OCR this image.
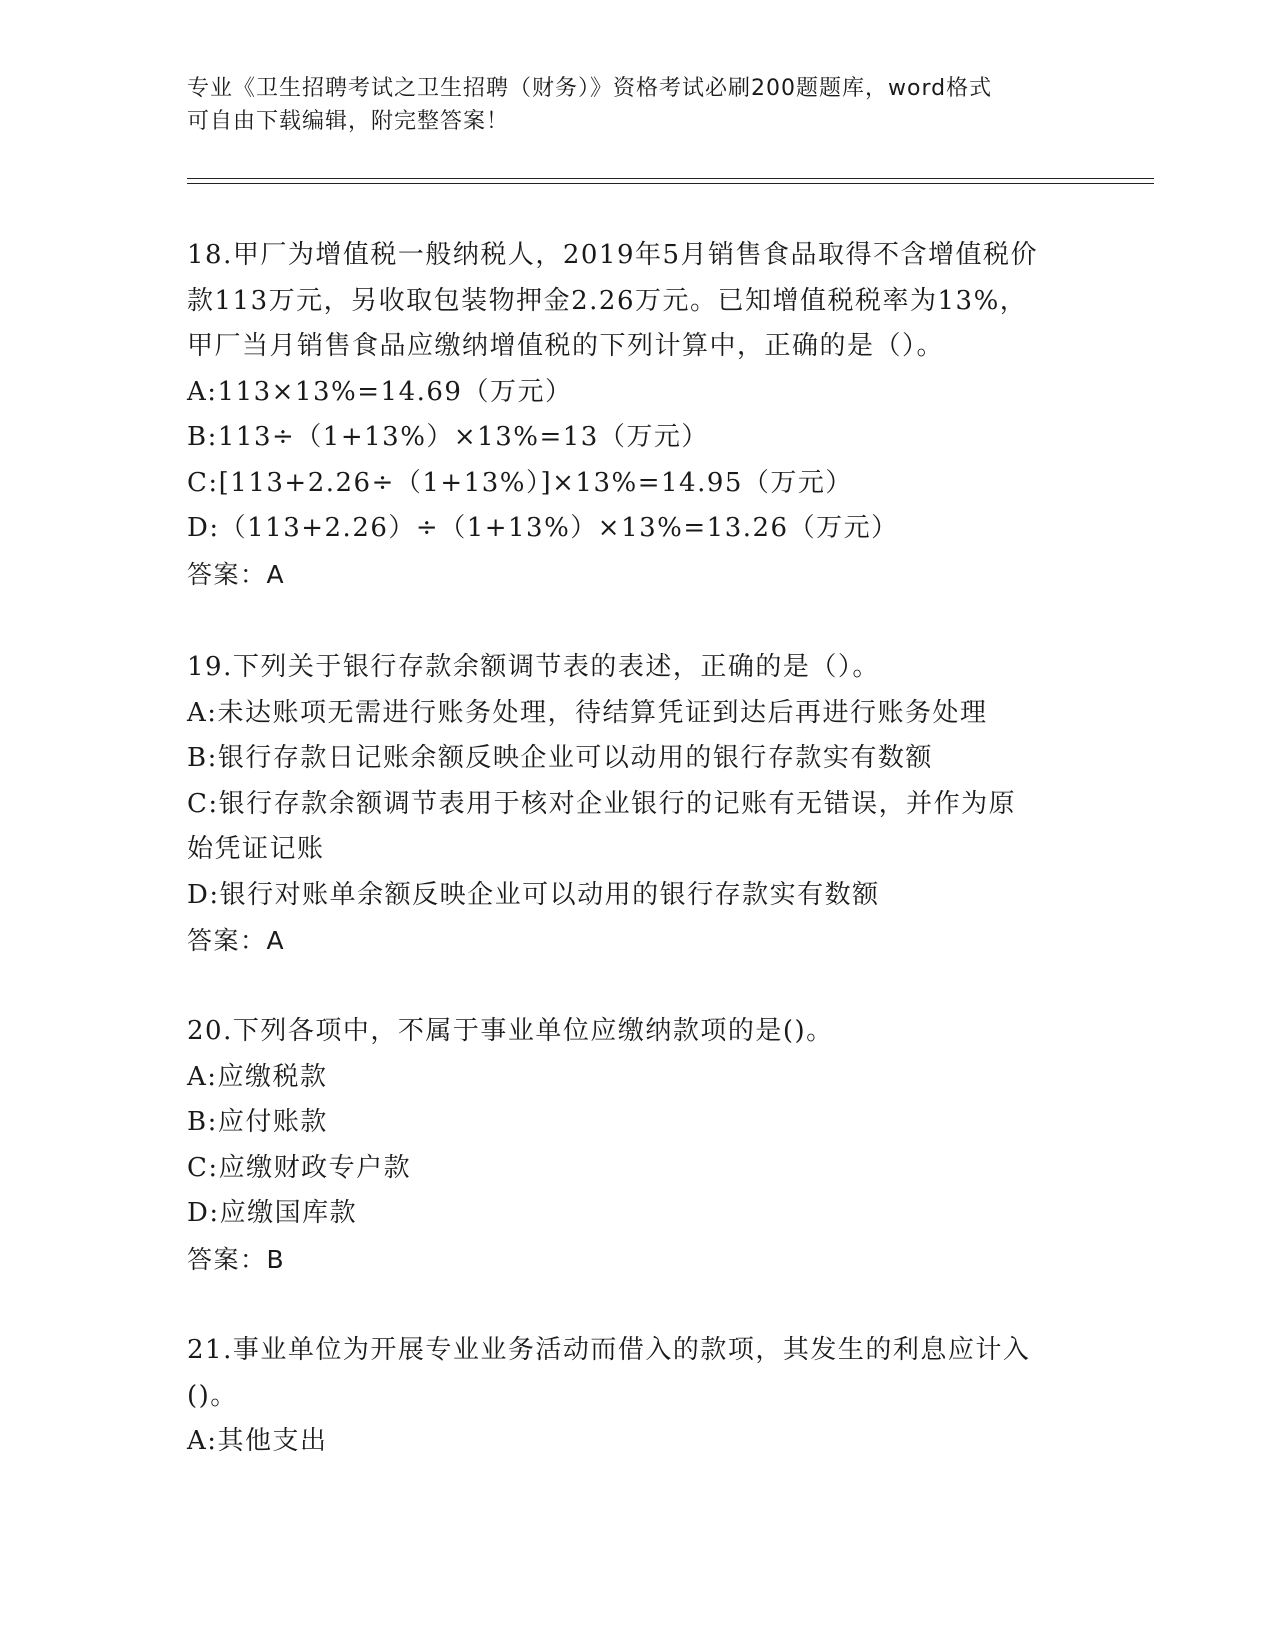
专业《卫生招聘考试之卫生招聘（财务）》资格考试必刷200题题库，word格式
可自由下载编辑，附完整答案！
18.甲厂为增值税一般纳税人，2019年5月销售食品取得不含增值税价
款113万元，另收取包装物押金2.26万元。已知增值税税率为13%，
甲厂当月销售食品应缴纳增值税的下列计算中，正确的是（）。
A:113×13%=14.69（万元）
B:113÷（1+13%）×13%=13（万元）
C:[113+2.26÷（1+13%）]×13%=14.95（万元）
D:（113+2.26）÷（1+13%）×13%=13.26（万元）
答案：A
19.下列关于银行存款余额调节表的表述，正确的是（）。
A:未达账项无需进行账务处理，待结算凭证到达后再进行账务处理
B:银行存款日记账余额反映企业可以动用的银行存款实有数额
C:银行存款余额调节表用于核对企业银行的记账有无错误，并作为原
始凭证记账
D:银行对账单余额反映企业可以动用的银行存款实有数额
答案：A
20.下列各项中，不属于事业单位应缴纳款项的是()。
A:应缴税款
B:应付账款
C:应缴财政专户款
D:应缴国库款
答案：B
21.事业单位为开展专业业务活动而借入的款项，其发生的利息应计入
()。
A:其他支出
